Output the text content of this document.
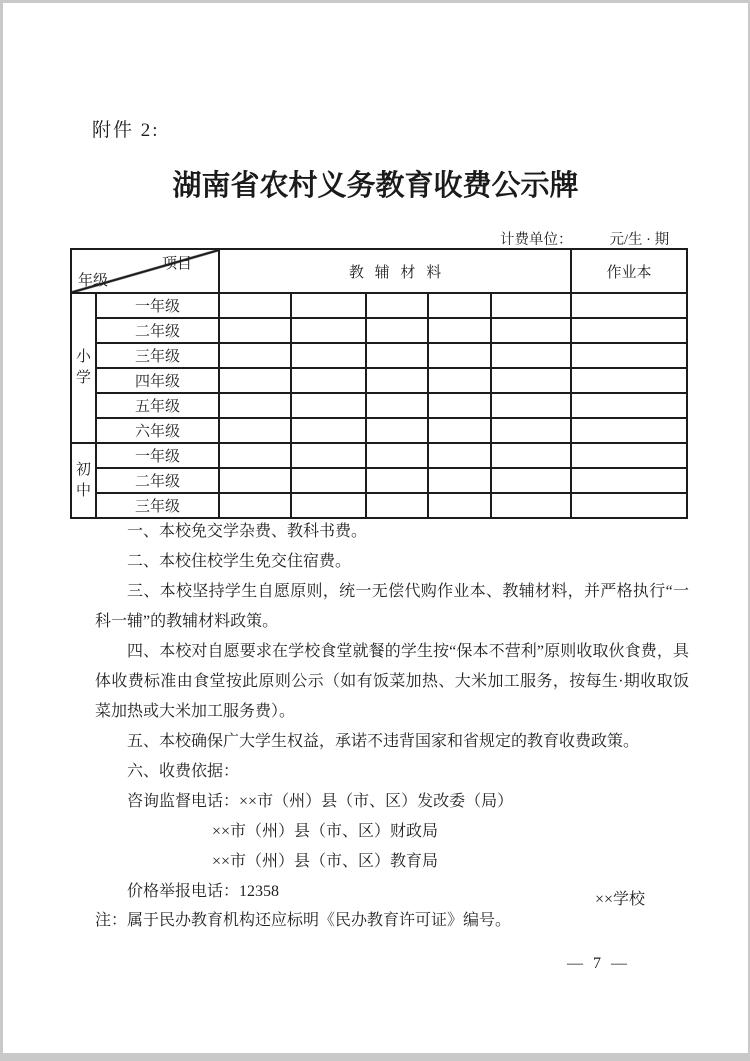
附件 2:
湖南省农村义务教育收费公示牌
计费单位：	元/生 · 期
项目
年级		教辅材料					作业本

小学	一年级						
	二年级						
	三年级						
	四年级						
	五年级						
	六年级						

初中	一年级						
	二年级						
	三年级						

一、本校免交学杂费、教科书费。

二、本校住校学生免交住宿费。

三、本校坚持学生自愿原则，统一无偿代购作业本、教辅材料，并严格执行“一科一辅”的教辅材料政策。

四、本校对自愿要求在学校食堂就餐的学生按“保本不营利”原则收取伙食费，具体收费标准由食堂按此原则公示（如有饭菜加热、大米加工服务，按每生·期收取饭菜加热或大米加工服务费）。

五、本校确保广大学生权益，承诺不违背国家和省规定的教育收费政策。

六、收费依据：

咨询监督电话：××市（州）县（市、区）发改委（局）

××市（州）县（市、区）财政局

××市（州）县（市、区）教育局

价格举报电话：12358	××学校
注：属于民办教育机构还应标明《民办教育许可证》编号。
— 7 —
